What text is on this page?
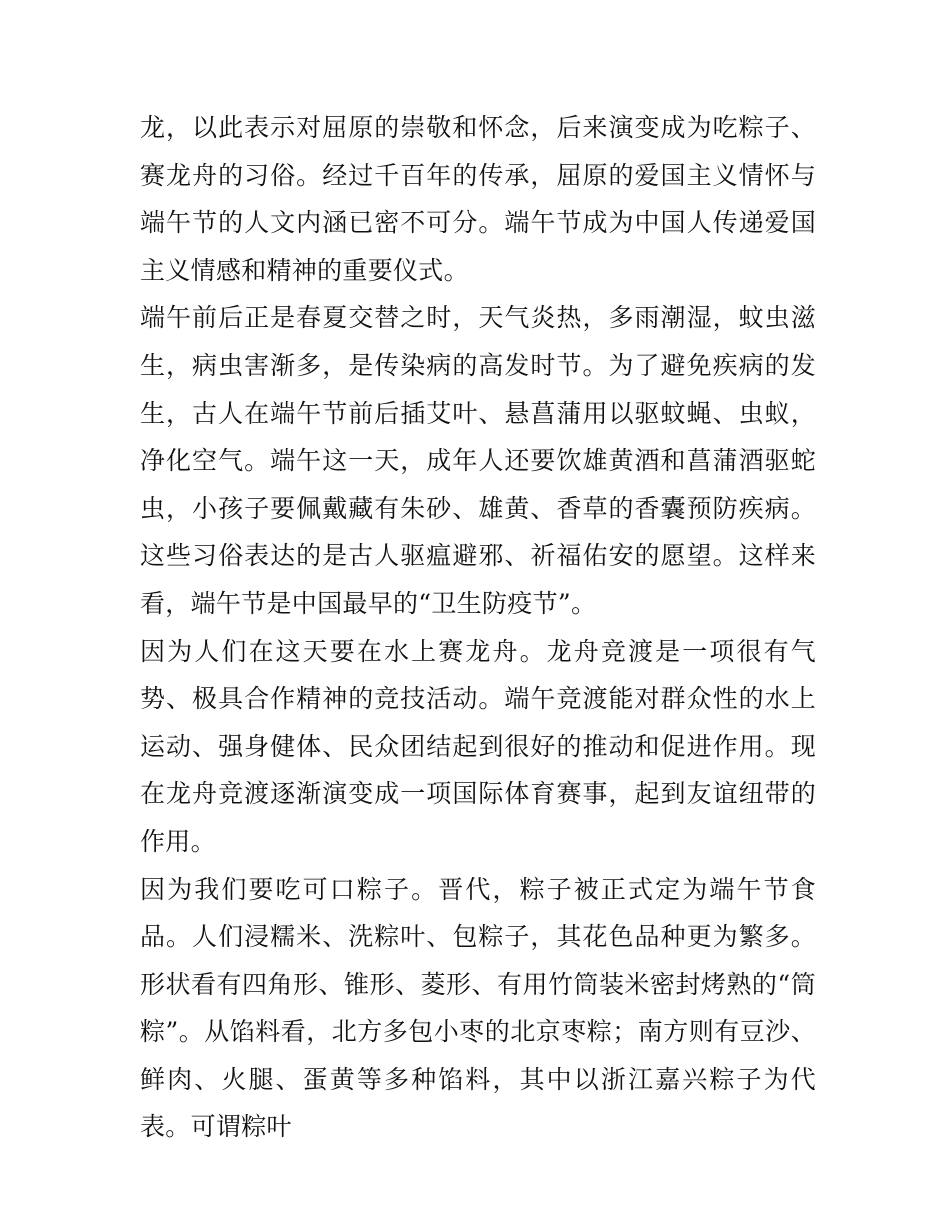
龙，以此表示对屈原的崇敬和怀念，后来演变成为吃粽子、赛龙舟的习俗。经过千百年的传承，屈原的爱国主义情怀与端午节的人文内涵已密不可分。端午节成为中国人传递爱国主义情感和精神的重要仪式。

端午前后正是春夏交替之时，天气炎热，多雨潮湿，蚊虫滋生，病虫害渐多，是传染病的高发时节。为了避免疾病的发生，古人在端午节前后插艾叶、悬菖蒲用以驱蚊蝇、虫蚁，净化空气。端午这一天，成年人还要饮雄黄酒和菖蒲酒驱蛇虫，小孩子要佩戴藏有朱砂、雄黄、香草的香囊预防疾病。这些习俗表达的是古人驱瘟避邪、祈福佑安的愿望。这样来看，端午节是中国最早的“卫生防疫节”。

因为人们在这天要在水上赛龙舟。龙舟竞渡是一项很有气势、极具合作精神的竞技活动。端午竞渡能对群众性的水上运动、强身健体、民众团结起到很好的推动和促进作用。现在龙舟竞渡逐渐演变成一项国际体育赛事，起到友谊纽带的作用。

因为我们要吃可口粽子。晋代，粽子被正式定为端午节食品。人们浸糯米、洗粽叶、包粽子，其花色品种更为繁多。形状看有四角形、锥形、菱形、有用竹筒装米密封烤熟的“筒粽”。从馅料看，北方多包小枣的北京枣粽；南方则有豆沙、鲜肉、火腿、蛋黄等多种馅料，其中以浙江嘉兴粽子为代表。可谓粽叶
